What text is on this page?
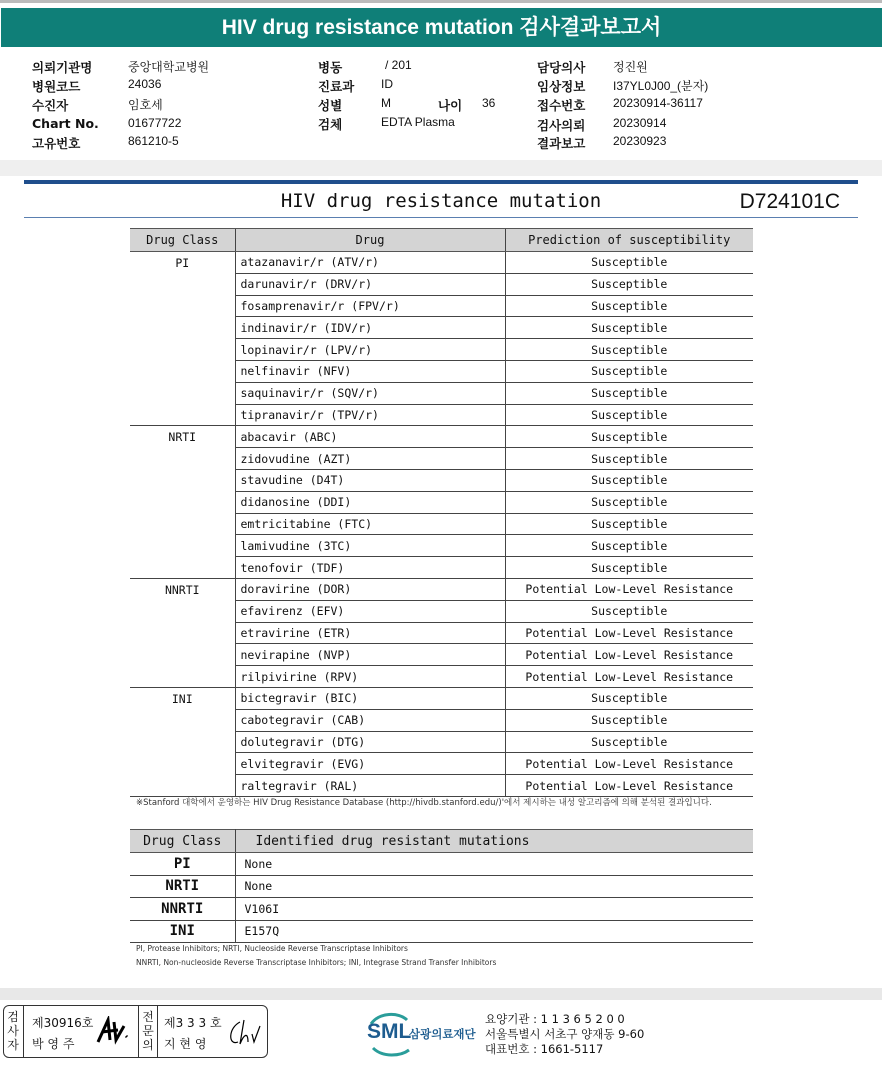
HIV drug resistance mutation 검사결과보고서
의뢰기관명	중앙대학교병원
병원코드	24036
수진자	임호세
Chart No. 01677722
고유번호	861210-5
병동	/ 201
진료과 ID
성별	M	나이 36
검체	EDTA Plasma
담당의사 정진원
임상정보 I37YL0J00_(분자)
접수번호 20230914-36117
검사의뢰 20230914
결과보고 20230923
HIV drug resistance mutation	D724101C
Drug Class	Drug	Prediction of susceptibility
PI	atazanavir/r (ATV/r)	Susceptible
	darunavir/r (DRV/r)	Susceptible
	fosamprenavir/r (FPV/r)	Susceptible
	indinavir/r (IDV/r)	Susceptible
	lopinavir/r (LPV/r)	Susceptible
	nelfinavir (NFV)	Susceptible
	saquinavir/r (SQV/r)	Susceptible
	tipranavir/r (TPV/r)	Susceptible
NRTI	abacavir (ABC)	Susceptible
	zidovudine (AZT)	Susceptible
	stavudine (D4T)	Susceptible
	didanosine (DDI)	Susceptible
	emtricitabine (FTC)	Susceptible
	lamivudine (3TC)	Susceptible
	tenofovir (TDF)	Susceptible
NNRTI	doravirine (DOR)	Potential Low-Level Resistance
	efavirenz (EFV)	Susceptible
	etravirine (ETR)	Potential Low-Level Resistance
	nevirapine (NVP)	Potential Low-Level Resistance
	rilpivirine (RPV)	Potential Low-Level Resistance
INI	bictegravir (BIC)	Susceptible
	cabotegravir (CAB)	Susceptible
	dolutegravir (DTG)	Susceptible
	elvitegravir (EVG)	Potential Low-Level Resistance
	raltegravir (RAL)	Potential Low-Level Resistance
※Stanford 대학에서 운영하는 HIV Drug Resistance Database (http://hivdb.stanford.edu/)'에서 제시하는 내성 알고리즘에 의해 분석된 결과입니다.
Drug Class	Identified drug resistant mutations
PI	None
NRTI	None
NNRTI	V106I
INI	E157Q
PI, Protease Inhibitors; NRTI, Nucleoside Reverse Transcriptase Inhibitors
NNRTI, Non-nucleoside Reverse Transcriptase Inhibitors; INI, Integrase Strand Transfer Inhibitors
검사자
제30916호
박 영 주
전문의
제3 3 3 호
지 현 영
SML
삼광의료재단
요양기관 : 1 1 3 6 5 2 0 0
서울특별시 서초구 양재동 9-60
대표번호 : 1661-5117
